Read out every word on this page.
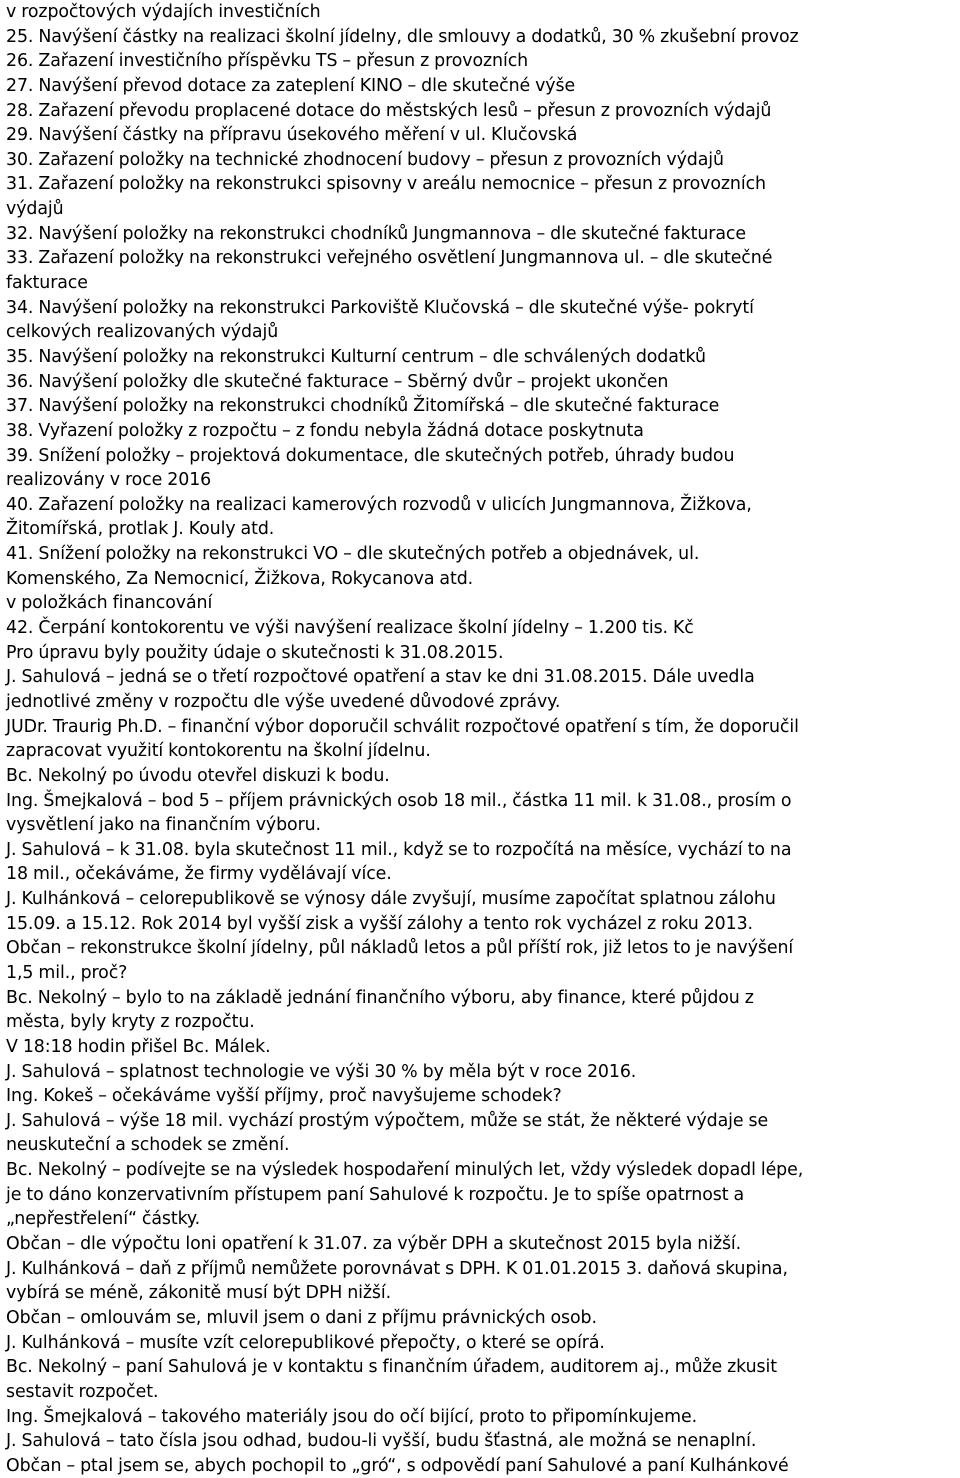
v rozpočtových výdajích investičních
25. Navýšení částky na realizaci školní jídelny, dle smlouvy a dodatků, 30 % zkušební provoz
26. Zařazení investičního příspěvku TS – přesun z provozních
27. Navýšení převod dotace za zateplení KINO – dle skutečné výše
28. Zařazení převodu proplacené dotace do městských lesů – přesun z provozních výdajů
29. Navýšení částky na přípravu úsekového měření v ul. Klučovská
30. Zařazení položky na technické zhodnocení budovy – přesun z provozních výdajů
31. Zařazení položky na rekonstrukci spisovny v areálu nemocnice – přesun z provozních
výdajů
32. Navýšení položky na rekonstrukci chodníků Jungmannova – dle skutečné fakturace
33. Zařazení položky na rekonstrukci veřejného osvětlení Jungmannova ul. – dle skutečné
fakturace
34. Navýšení položky na rekonstrukci Parkoviště Klučovská – dle skutečné výše- pokrytí
celkových realizovaných výdajů
35. Navýšení položky na rekonstrukci Kulturní centrum – dle schválených dodatků
36. Navýšení položky dle skutečné fakturace – Sběrný dvůr – projekt ukončen
37. Navýšení položky na rekonstrukci chodníků Žitomířská – dle skutečné fakturace
38. Vyřazení položky z rozpočtu – z fondu nebyla žádná dotace poskytnuta
39. Snížení položky – projektová dokumentace, dle skutečných potřeb, úhrady budou
realizovány v roce 2016
40. Zařazení položky na realizaci kamerových rozvodů v ulicích Jungmannova, Žižkova,
Žitomířská, protlak J. Kouly atd.
41. Snížení položky na rekonstrukci VO – dle skutečných potřeb a objednávek, ul.
Komenského, Za Nemocnicí, Žižkova, Rokycanova atd.
v položkách financování
42. Čerpání kontokorentu ve výši navýšení realizace školní jídelny – 1.200 tis. Kč
Pro úpravu byly použity údaje o skutečnosti k 31.08.2015.
J. Sahulová – jedná se o třetí rozpočtové opatření a stav ke dni 31.08.2015. Dále uvedla
jednotlivé změny v rozpočtu dle výše uvedené důvodové zprávy.
JUDr. Traurig Ph.D. – finanční výbor doporučil schválit rozpočtové opatření s tím, že doporučil
zapracovat využití kontokorentu na školní jídelnu.
Bc. Nekolný po úvodu otevřel diskuzi k bodu.
Ing. Šmejkalová – bod 5 – příjem právnických osob 18 mil., částka 11 mil. k 31.08., prosím o
vysvětlení jako na finančním výboru.
J. Sahulová – k 31.08. byla skutečnost 11 mil., když se to rozpočítá na měsíce, vychází to na
18 mil., očekáváme, že firmy vydělávají více.
J. Kulhánková – celorepublikově se výnosy dále zvyšují, musíme započítat splatnou zálohu
15.09. a 15.12. Rok 2014 byl vyšší zisk a vyšší zálohy a tento rok vycházel z roku 2013.
Občan – rekonstrukce školní jídelny, půl nákladů letos a půl příští rok, již letos to je navýšení
1,5 mil., proč?
Bc. Nekolný – bylo to na základě jednání finančního výboru, aby finance, které půjdou z
města, byly kryty z rozpočtu.
V 18:18 hodin přišel Bc. Málek.
J. Sahulová – splatnost technologie ve výši 30 % by měla být v roce 2016.
Ing. Kokeš – očekáváme vyšší příjmy, proč navyšujeme schodek?
J. Sahulová – výše 18 mil. vychází prostým výpočtem, může se stát, že některé výdaje se
neuskuteční a schodek se změní.
Bc. Nekolný – podívejte se na výsledek hospodaření minulých let, vždy výsledek dopadl lépe,
je to dáno konzervativním přístupem paní Sahulové k rozpočtu. Je to spíše opatrnost a
„nepřestřelení“ částky.
Občan – dle výpočtu loni opatření k 31.07. za výběr DPH a skutečnost 2015 byla nižší.
J. Kulhánková – daň z příjmů nemůžete porovnávat s DPH. K 01.01.2015 3. daňová skupina,
vybírá se méně, zákonitě musí být DPH nižší.
Občan – omlouvám se, mluvil jsem o dani z příjmu právnických osob.
J. Kulhánková – musíte vzít celorepublikové přepočty, o které se opírá.
Bc. Nekolný – paní Sahulová je v kontaktu s finančním úřadem, auditorem aj., může zkusit
sestavit rozpočet.
Ing. Šmejkalová – takového materiály jsou do očí bijící, proto to připomínkujeme.
J. Sahulová – tato čísla jsou odhad, budou-li vyšší, budu šťastná, ale možná se nenaplní.
Občan – ptal jsem se, abych pochopil to „gró“, s odpovědí paní Sahulové a paní Kulhánkové
